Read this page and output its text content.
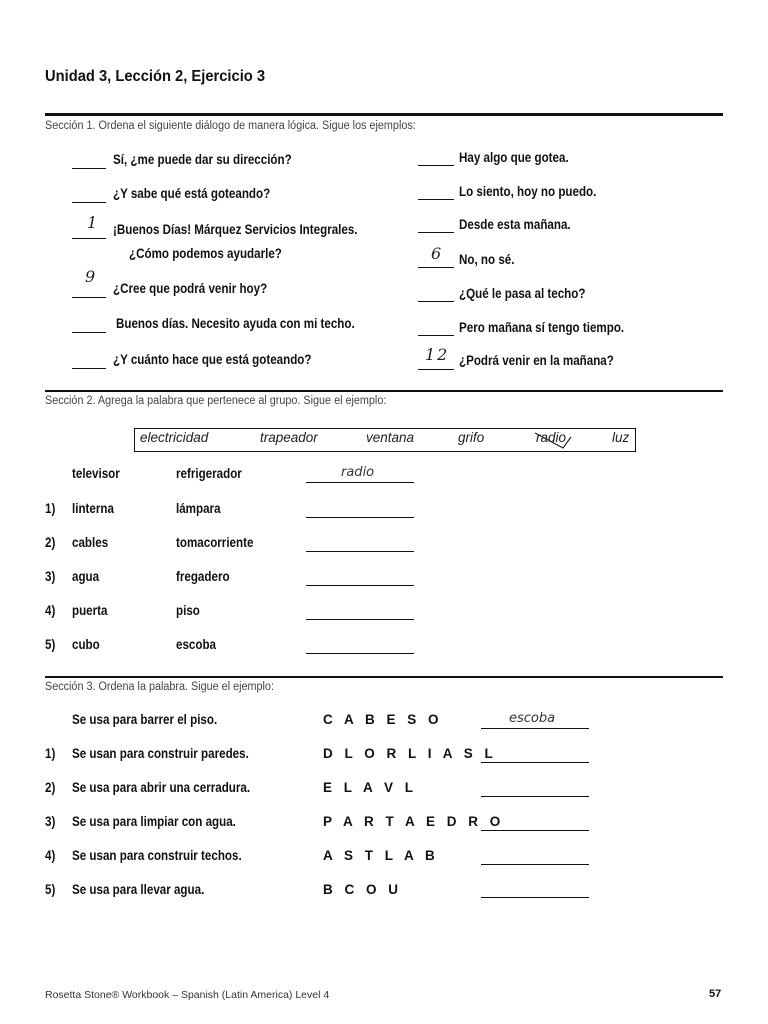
Unidad 3, Lección 2, Ejercicio 3
Sección 1. Ordena el siguiente diálogo de manera lógica. Sigue los ejemplos:
Sí, ¿me puede dar su dirección?
¿Y sabe qué está goteando?
1 ¡Buenos Días! Márquez Servicios Integrales.
¿Cómo podemos ayudarle?
9
¿Cree que podrá venir hoy?
Buenos días. Necesito ayuda con mi techo.
¿Y cuánto hace que está goteando?
Hay algo que gotea.
Lo siento, hoy no puedo.
Desde esta mañana.
6 No, no sé.
¿Qué le pasa al techo?
Pero mañana sí tengo tiempo.
12 ¿Podrá venir en la mañana?
Sección 2. Agrega la palabra que pertenece al grupo. Sigue el ejemplo:
electricidad	trapeador	ventana	grifo	radio	luz
televisor	refrigerador	radio
1) linterna	lámpara
2) cables	tomacorriente
3) agua	fregadero
4) puerta	piso
5) cubo	escoba
Sección 3. Ordena la palabra. Sigue el ejemplo:
Se usa para barrer el piso.	C A B E S O	escoba
1) Se usan para construir paredes.	D L O R L I A S L
2) Se usa para abrir una cerradura.	E L A V L
3) Se usa para limpiar con agua.	P A R T A E D R O
4) Se usan para construir techos.	A S T L A B
5) Se usa para llevar agua.	B C O U
Rosetta Stone® Workbook – Spanish (Latin America) Level 4	57
